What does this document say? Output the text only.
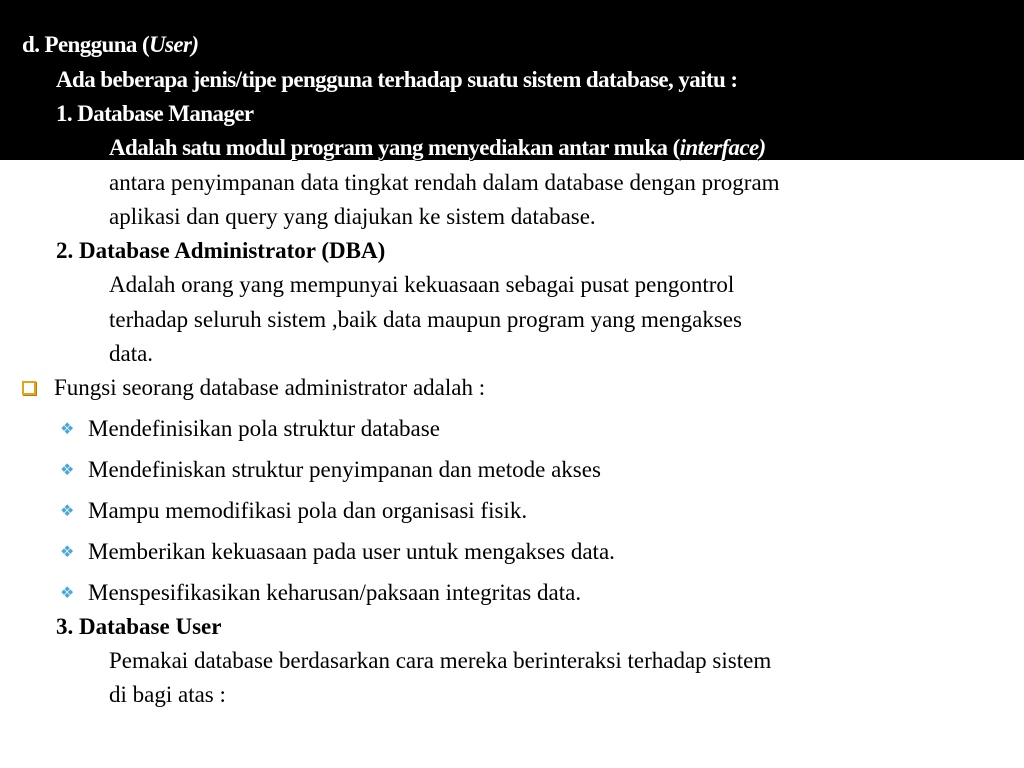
d. Pengguna (User)
Ada beberapa jenis/tipe pengguna terhadap suatu sistem database, yaitu :
1. Database Manager
Adalah satu modul program yang menyediakan antar muka (interface)
antara penyimpanan data tingkat rendah dalam database dengan program
aplikasi dan query yang diajukan ke sistem database.
2. Database Administrator (DBA)
Adalah orang yang mempunyai kekuasaan sebagai pusat pengontrol
terhadap seluruh sistem ,baik data maupun program yang mengakses
data.
Fungsi seorang database administrator adalah :
❖ Mendefinisikan pola struktur database
❖ Mendefiniskan struktur penyimpanan dan metode akses
❖ Mampu memodifikasi pola dan organisasi fisik.
❖ Memberikan kekuasaan pada user untuk mengakses data.
❖ Menspesifikasikan keharusan/paksaan integritas data.
3. Database User
Pemakai database berdasarkan cara mereka berinteraksi terhadap sistem
di bagi atas :
